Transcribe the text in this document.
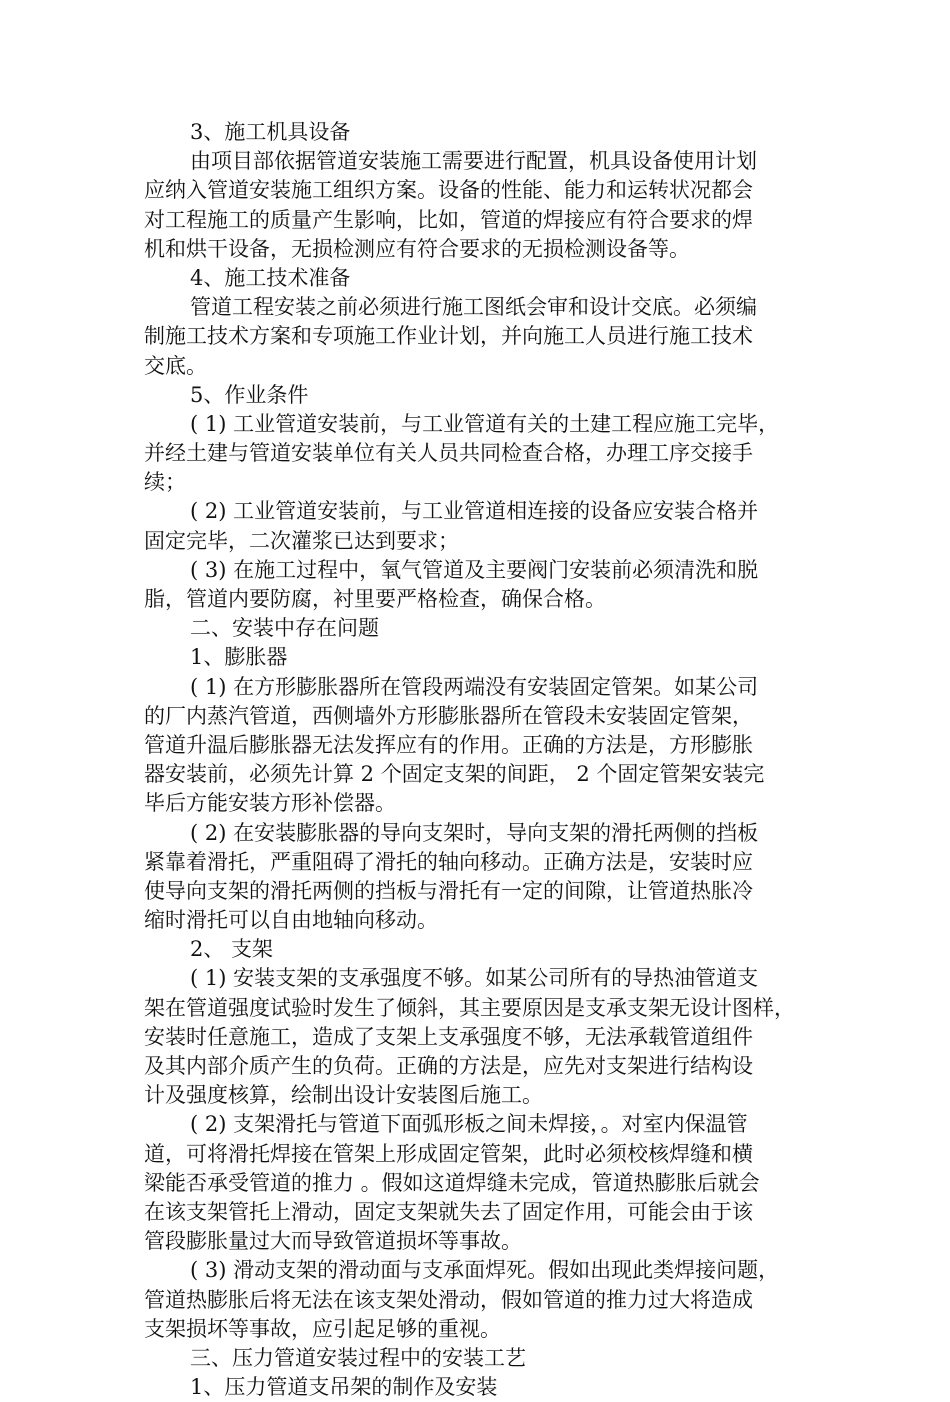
3、施工机具设备
由项目部依据管道安装施工需要进行配置，机具设备使用计划
应纳入管道安装施工组织方案。设备的性能、能力和运转状况都会
对工程施工的质量产生影响，比如，管道的焊接应有符合要求的焊
机和烘干设备，无损检测应有符合要求的无损检测设备等。
4、施工技术准备
管道工程安装之前必须进行施工图纸会审和设计交底。必须编
制施工技术方案和专项施工作业计划，并向施工人员进行施工技术
交底。
5、作业条件
( 1) 工业管道安装前，与工业管道有关的土建工程应施工完毕，
并经土建与管道安装单位有关人员共同检查合格，办理工序交接手
续；
( 2) 工业管道安装前，与工业管道相连接的设备应安装合格并
固定完毕，二次灌浆已达到要求；
( 3) 在施工过程中，氧气管道及主要阀门安装前必须清洗和脱
脂，管道内要防腐，衬里要严格检查，确保合格。
二、安装中存在问题
1、膨胀器
( 1) 在方形膨胀器所在管段两端没有安装固定管架。如某公司
的厂内蒸汽管道，西侧墙外方形膨胀器所在管段未安装固定管架，
管道升温后膨胀器无法发挥应有的作用。正确的方法是，方形膨胀
器安装前，必须先计算 2 个固定支架的间距， 2 个固定管架安装完
毕后方能安装方形补偿器。
( 2) 在安装膨胀器的导向支架时，导向支架的滑托两侧的挡板
紧靠着滑托，严重阻碍了滑托的轴向移动。正确方法是，安装时应
使导向支架的滑托两侧的挡板与滑托有一定的间隙，让管道热胀冷
缩时滑托可以自由地轴向移动。
2、 支架
( 1) 安装支架的支承强度不够。如某公司所有的导热油管道支
架在管道强度试验时发生了倾斜，其主要原因是支承支架无设计图样，
安装时任意施工，造成了支架上支承强度不够，无法承载管道组件
及其内部介质产生的负荷。正确的方法是，应先对支架进行结构设
计及强度核算，绘制出设计安装图后施工。
( 2) 支架滑托与管道下面弧形板之间未焊接，。对室内保温管
道，可将滑托焊接在管架上形成固定管架，此时必须校核焊缝和横
梁能否承受管道的推力 。假如这道焊缝未完成，管道热膨胀后就会
在该支架管托上滑动，固定支架就失去了固定作用，可能会由于该
管段膨胀量过大而导致管道损坏等事故。
( 3) 滑动支架的滑动面与支承面焊死。假如出现此类焊接问题，
管道热膨胀后将无法在该支架处滑动，假如管道的推力过大将造成
支架损坏等事故，应引起足够的重视。
三、压力管道安装过程中的安装工艺
1、压力管道支吊架的制作及安装
